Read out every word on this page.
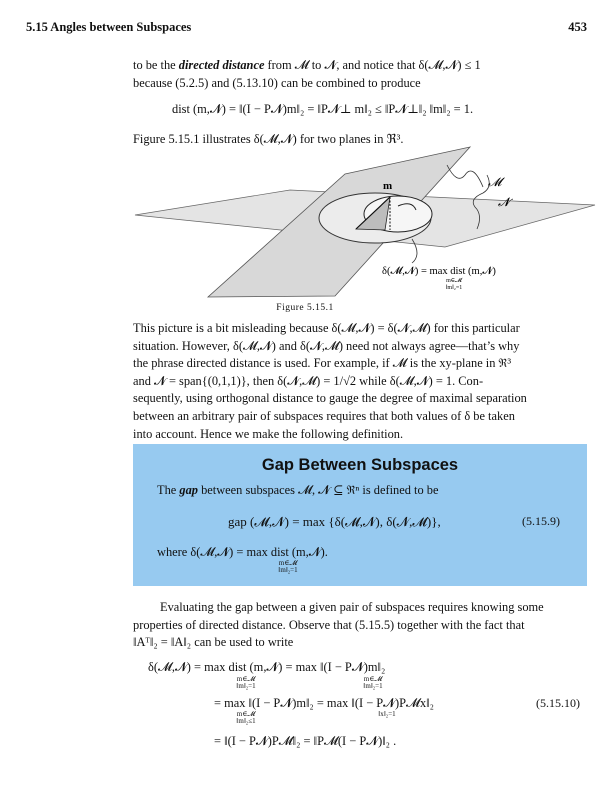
5.15 Angles between Subspaces	453
to be the directed distance from 𝓜 to 𝓝, and notice that δ(𝓜,𝓝) ≤ 1
because (5.2.5) and (5.13.10) can be combined to produce
dist (m,𝓝) = ‖(I − P𝓝)m‖₂ = ‖P𝓝⊥ m‖₂ ≤ ‖P𝓝⊥‖₂ ‖m‖₂ = 1.
Figure 5.15.1 illustrates δ(𝓜,𝓝) for two planes in ℜ³.
m	𝓜
𝓝
δ(𝓜,𝓝) = max dist (m,𝓝)
m∈𝓜
‖m‖₂=1
Figure 5.15.1
This picture is a bit misleading because δ(𝓜,𝓝) = δ(𝓝,𝓜) for this particular
situation. However, δ(𝓜,𝓝) and δ(𝓝,𝓜) need not always agree—that’s why
the phrase directed distance is used. For example, if 𝓜 is the xy-plane in ℜ³
and 𝓝 = span{(0,1,1)}, then δ(𝓝,𝓜) = 1/√2 while δ(𝓜,𝓝) = 1. Con-
sequently, using orthogonal distance to gauge the degree of maximal separation
between an arbitrary pair of subspaces requires that both values of δ be taken
into account. Hence we make the following definition.
Gap Between Subspaces
The gap between subspaces 𝓜, 𝓝 ⊆ ℜⁿ is defined to be
gap (𝓜,𝓝) = max {δ(𝓜,𝓝), δ(𝓝,𝓜)},	(5.15.9)
where δ(𝓜,𝓝) = max dist (m,𝓝).
m∈𝓜
‖m‖₂=1
Evaluating the gap between a given pair of subspaces requires knowing some
properties of directed distance. Observe that (5.15.5) together with the fact that
‖Aᵀ‖₂ = ‖A‖₂ can be used to write
δ(𝓜,𝓝) = max dist (m,𝓝) = max ‖(I − P𝓝)m‖₂
m∈𝓜
‖m‖₂=1
m∈𝓜
‖m‖₂=1
= max ‖(I − P𝓝)m‖₂ = max ‖(I − P𝓝)P𝓜x‖₂
m∈𝓜
‖m‖₂≤1
‖x‖₂=1
(5.15.10)
= ‖(I − P𝓝)P𝓜‖₂ = ‖P𝓜(I − P𝓝)‖₂ .
